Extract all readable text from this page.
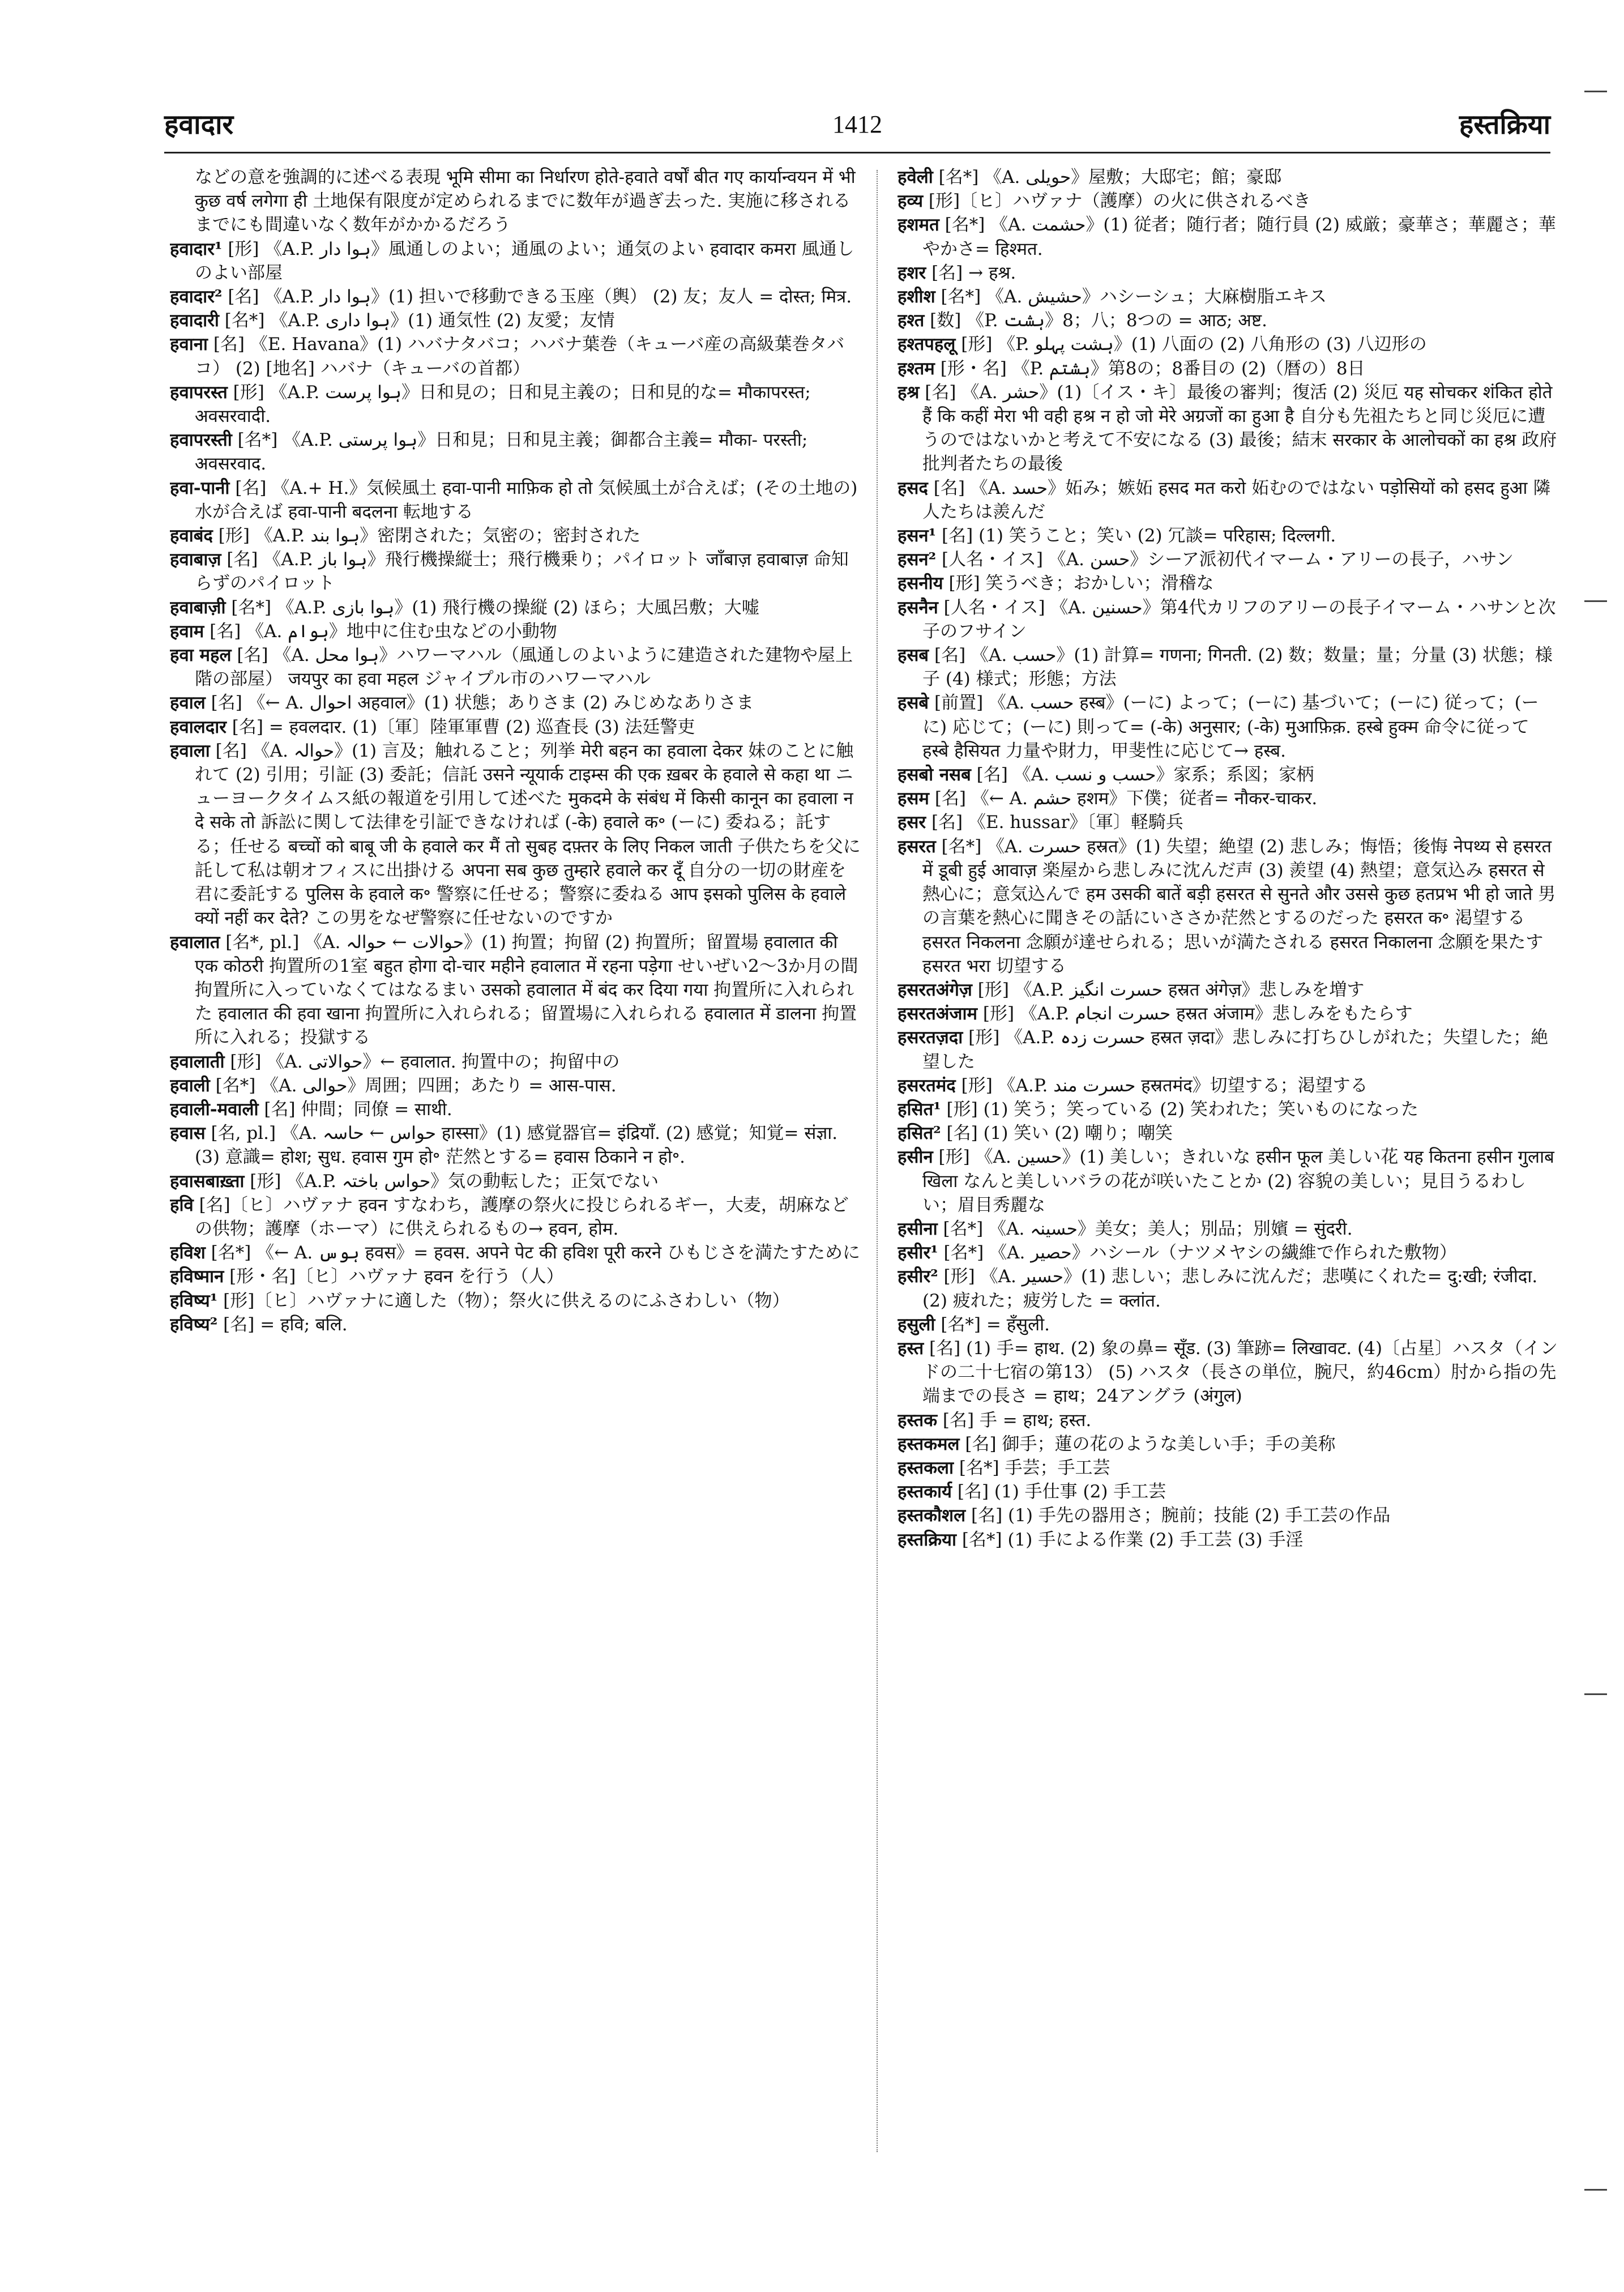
हवादार	1412	हस्तक्रिया

などの意を強調的に述べる表現 भूमि सीमा का निर्धारण होते-हवाते वर्षों बीत गए कार्यान्वयन में भी कुछ वर्ष लगेगा ही 土地保有限度が定められるまでに数年が過ぎ去った. 実施に移されるまでにも間違いなく数年がかかるだろう

हवादार¹ [形] 《A.P. ہوا دار》風通しのよい；通風のよい；通気のよい हवादार कमरा 風通しのよい部屋

हवादार² [名] 《A.P. ہوا دار》(1) 担いで移動できる玉座（輿） (2) 友；友人 = दोस्त; मित्र.

हवादारी [名*] 《A.P. ہوا داری》(1) 通気性 (2) 友愛；友情

हवाना [名] 《E. Havana》(1) ハバナタバコ；ハバナ葉巻（キューバ産の高級葉巻タバコ） (2) [地名] ハバナ（キューバの首都）

हवापरस्त [形] 《A.P. ہوا پرست》日和見の；日和見主義の；日和見的な= मौकापरस्त; अवसरवादी.

हवापरस्ती [名*] 《A.P. ہوا پرستی》日和見；日和見主義；御都合主義= मौका- परस्ती; अवसरवाद.

हवा-पानी [名] 《A.+ H.》気候風土 हवा-पानी माफ़िक हो तो 気候風土が合えば；(その土地の) 水が合えば हवा-पानी बदलना 転地する

हवाबंद [形] 《A.P. ہوا بند》密閉された；気密の；密封された

हवाबाज़ [名] 《A.P. ہوا باز》飛行機操縦士；飛行機乗り；パイロット जाँबाज़ हवाबाज़ 命知らずのパイロット

हवाबाज़ी [名*] 《A.P. ہوا بازی》(1) 飛行機の操縦 (2) ほら；大風呂敷；大嘘

हवाम [名] 《A. ہوام》地中に住む虫などの小動物

हवा महल [名] 《A. ہوا محل》ハワーマハル（風通しのよいように建造された建物や屋上階の部屋） जयपुर का हवा महल ジャイプル市のハワーマハル

हवाल [名] 《← A. احوال अहवाल》(1) 状態；ありさま (2) みじめなありさま

हवालदार [名] = हवलदार. (1)〔軍〕陸軍軍曹 (2) 巡査長 (3) 法廷警吏

हवाला [名] 《A. حوالہ》(1) 言及；触れること；列挙 मेरी बहन का हवाला देकर 妹のことに触れて (2) 引用；引証 (3) 委託；信託 उसने न्यूयार्क टाइम्स की एक ख़बर के हवाले से कहा था ニューヨークタイムス紙の報道を引用して述べた मुकदमे के संबंध में किसी कानून का हवाला न दे सके तो 訴訟に関して法律を引証できなければ (-के) हवाले क॰ (ーに) 委ねる；託する；任せる बच्चों को बाबू जी के हवाले कर मैं तो सुबह दफ़्तर के लिए निकल जाती 子供たちを父に託して私は朝オフィスに出掛ける अपना सब कुछ तुम्हारे हवाले कर दूँ 自分の一切の財産を君に委託する पुलिस के हवाले क॰ 警察に任せる；警察に委ねる आप इसको पुलिस के हवाले क्यों नहीं कर देते? この男をなぜ警察に任せないのですか

हवालात [名*, pl.] 《A. حوالات ← حوالہ》(1) 拘置；拘留 (2) 拘置所；留置場 हवालात की एक कोठरी 拘置所の1室 बहुत होगा दो-चार महीने हवालात में रहना पड़ेगा せいぜい2〜3か月の間拘置所に入っていなくてはなるまい उसको हवालात में बंद कर दिया गया 拘置所に入れられた हवालात की हवा खाना 拘置所に入れられる；留置場に入れられる हवालात में डालना 拘置所に入れる；投獄する

हवालाती [形] 《A. حوالاتی》← हवालात. 拘置中の；拘留中の

हवाली [名*] 《A. حوالی》周囲；四囲；あたり = आस-पास.

हवाली-मवाली [名] 仲間；同僚 = साथी.

हवास [名, pl.] 《A. حواس ← حاسہ हास्सा》(1) 感覚器官= इंद्रियाँ. (2) 感覚；知覚= संज्ञा. (3) 意識= होश; सुध. हवास गुम हो॰ 茫然とする= हवास ठिकाने न हो॰.

हवासबाख़्ता [形] 《A.P. حواس باختہ》気の動転した；正気でない

हवि [名]〔ヒ〕ハヴァナ हवन すなわち，護摩の祭火に投じられるギー，大麦，胡麻などの供物；護摩（ホーマ）に供えられるもの→ हवन, होम.

हविश [名*] 《← A. ہوس हवस》= हवस. अपने पेट की हविश पूरी करने ひもじさを満たすために

हविष्मान [形・名]〔ヒ〕ハヴァナ हवन を行う（人）

हविष्य¹ [形]〔ヒ〕ハヴァナに適した（物）；祭火に供えるのにふさわしい（物）

हविष्य² [名] = हवि; बलि.

हवेली [名*] 《A. حویلی》屋敷；大邸宅；館；豪邸

हव्य [形]〔ヒ〕ハヴァナ（護摩）の火に供されるべき

हशमत [名*] 《A. حشمت》(1) 従者；随行者；随行員 (2) 威厳；豪華さ；華麗さ；華やかさ= हिश्मत.

हशर [名] → हश्र.

हशीश [名*] 《A. حشیش》ハシーシュ；大麻樹脂エキス

हश्त [数] 《P. ہشت》8；八；8つの = आठ; अष्ट.

हश्तपहलू [形] 《P. ہشت پہلو》(1) 八面の (2) 八角形の (3) 八辺形の

हश्तम [形・名] 《P. ہشتم》第8の；8番目の (2)（暦の）8日

हश्र [名] 《A. حشر》(1)〔イス・キ〕最後の審判；復活 (2) 災厄 यह सोचकर शंकित होते हैं कि कहीं मेरा भी वही हश्र न हो जो मेरे अग्रजों का हुआ है 自分も先祖たちと同じ災厄に遭うのではないかと考えて不安になる (3) 最後；結末 सरकार के आलोचकों का हश्र 政府批判者たちの最後

हसद [名] 《A. حسد》妬み；嫉妬 हसद मत करो 妬むのではない पड़ोसियों को हसद हुआ 隣人たちは羨んだ

हसन¹ [名] (1) 笑うこと；笑い (2) 冗談= परिहास; दिल्लगी.

हसन² [人名・イス] 《A. حسن》シーア派初代イマーム・アリーの長子，ハサン

हसनीय [形] 笑うべき；おかしい；滑稽な

हसनैन [人名・イス] 《A. حسنین》第4代カリフのアリーの長子イマーム・ハサンと次子のフサイン

हसब [名] 《A. حسب》(1) 計算= गणना; गिनती. (2) 数；数量；量；分量 (3) 状態；様子 (4) 様式；形態；方法

हसबे [前置] 《A. حسب हस्ब》(ーに) よって；(ーに) 基づいて；(ーに) 従って；(ーに) 応じて；(ーに) 則って= (-के) अनुसार; (-के) मुआफ़िक़. हस्बे हुक्म 命令に従って हस्बे हैसियत 力量や財力，甲斐性に応じて→ हस्ब.

हसबो नसब [名] 《A. حسب و نسب》家系；系図；家柄

हसम [名] 《← A. حشم हशम》下僕；従者= नौकर-चाकर.

हसर [名] 《E. hussar》〔軍〕軽騎兵

हसरत [名*] 《A. حسرت हस्रत》(1) 失望；絶望 (2) 悲しみ；悔悟；後悔 नेपथ्य से हसरत में डूबी हुई आवाज़ 楽屋から悲しみに沈んだ声 (3) 羨望 (4) 熱望；意気込み हसरत से 熱心に；意気込んで हम उसकी बातें बड़ी हसरत से सुनते और उससे कुछ हतप्रभ भी हो जाते 男の言葉を熱心に聞きその話にいささか茫然とするのだった हसरत क॰ 渇望する हसरत निकलना 念願が達せられる；思いが満たされる हसरत निकालना 念願を果たす हसरत भरा 切望する

हसरतअंगेज़ [形] 《A.P. حسرت انگیز हस्रत अंगेज़》悲しみを増す

हसरतअंजाम [形] 《A.P. حسرت انجام हस्रत अंजाम》悲しみをもたらす

हसरतज़दा [形] 《A.P. حسرت زدہ हस्रत ज़दा》悲しみに打ちひしがれた；失望した；絶望した

हसरतमंद [形] 《A.P. حسرت مند हस्रतमंद》切望する；渇望する

हसित¹ [形] (1) 笑う；笑っている (2) 笑われた；笑いものになった

हसित² [名] (1) 笑い (2) 嘲り；嘲笑

हसीन [形] 《A. حسین》(1) 美しい；きれいな हसीन फूल 美しい花 यह कितना हसीन गुलाब खिला なんと美しいバラの花が咲いたことか (2) 容貌の美しい；見目うるわしい；眉目秀麗な

हसीना [名*] 《A. حسینہ》美女；美人；別品；別嬪 = सुंदरी.

हसीर¹ [名*] 《A. حصیر》ハシール（ナツメヤシの繊維で作られた敷物）

हसीर² [形] 《A. حسیر》(1) 悲しい；悲しみに沈んだ；悲嘆にくれた= दु:खी; रंजीदा. (2) 疲れた；疲労した = क्लांत.

हसुली [名*] = हँसुली.

हस्त [名] (1) 手= हाथ. (2) 象の鼻= सूँड. (3) 筆跡= लिखावट. (4)〔占星〕ハスタ（インドの二十七宿の第13） (5) ハスタ（長さの単位，腕尺，約46cm）肘から指の先端までの長さ = हाथ；24アングラ (अंगुल)

हस्तक [名] 手 = हाथ; हस्त.

हस्तकमल [名] 御手；蓮の花のような美しい手；手の美称

हस्तकला [名*] 手芸；手工芸

हस्तकार्य [名] (1) 手仕事 (2) 手工芸

हस्तकौशल [名] (1) 手先の器用さ；腕前；技能 (2) 手工芸の作品

हस्तक्रिया [名*] (1) 手による作業 (2) 手工芸 (3) 手淫
